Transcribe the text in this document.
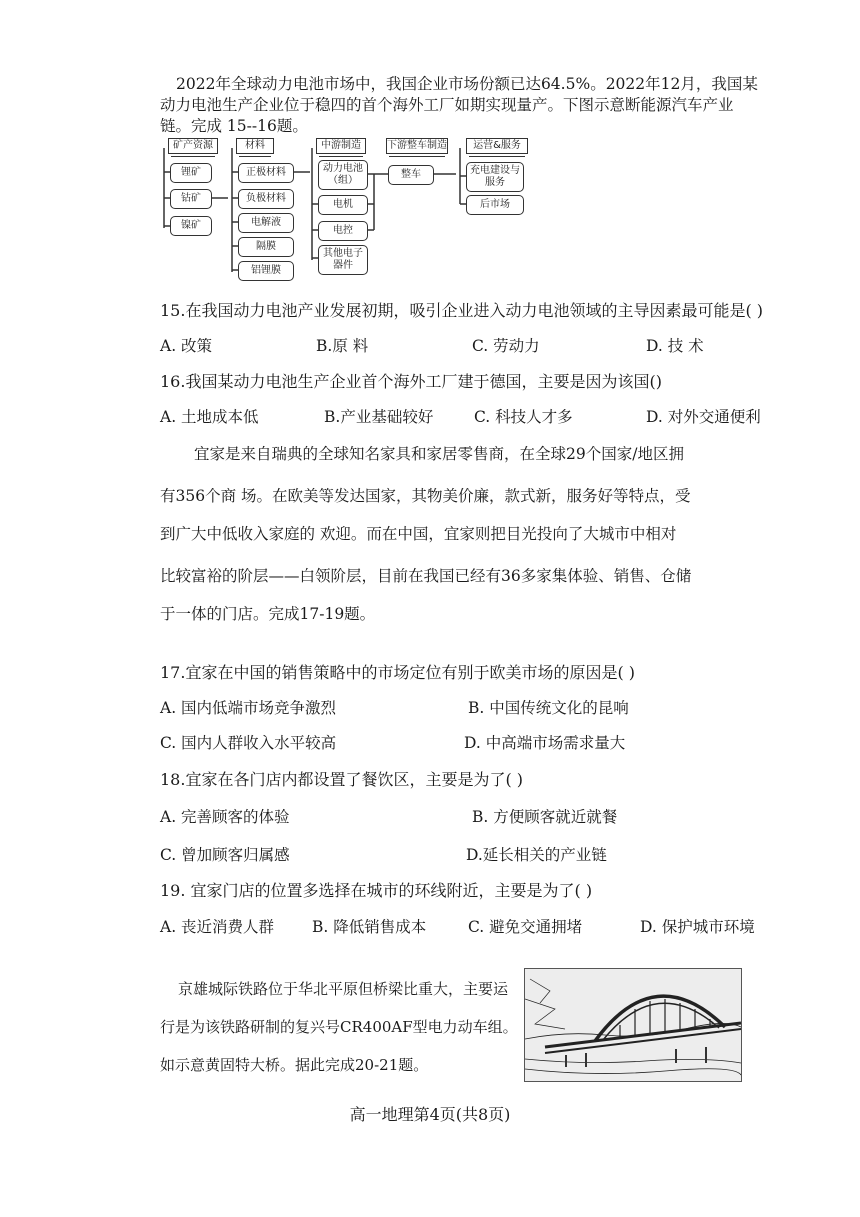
2022年全球动力电池市场中，我国企业市场份额已达64.5%。2022年12月，我国某
动力电池生产企业位于稳四的首个海外工厂如期实现量产。下图示意断能源汽车产业
链。完成 15--16题。
矿产资源	材料	中游制造	下游整车制造	运营&服务
锂矿
钴矿
镍矿
正极材料
负极材料
电解液
隔膜
铝锂膜
动力电池（组）
电机
电控
其他电子器件
整车	充电建设与服务
后市场
15.在我国动力电池产业发展初期，吸引企业进入动力电池领域的主导因素最可能是( )
A. 改策	B.原 料	C. 劳动力	D. 技 术
16.我国某动力电池生产企业首个海外工厂建于德国，主要是因为该国()
A. 土地成本低	B.产业基础较好	C. 科技人才多	D. 对外交通便利
宜家是来自瑞典的全球知名家具和家居零售商，在全球29个国家/地区拥
有356个商 场。在欧美等发达国家，其物美价廉，款式新，服务好等特点，受
到广大中低收入家庭的 欢迎。而在中国，宜家则把目光投向了大城市中相对
比较富裕的阶层——白领阶层，目前在我国已经有36多家集体验、销售、仓储
于一体的门店。完成17-19题。
17.宜家在中国的销售策略中的市场定位有别于欧美市场的原因是( )
A. 国内低端市场竞争激烈	B. 中国传统文化的昆响
C. 国内人群收入水平较高	D. 中高端市场需求量大
18.宜家在各门店内都设置了餐饮区，主要是为了( )
A. 完善顾客的体验	B. 方便顾客就近就餐
C. 曾加顾客归属感	D.延长相关的产业链
19. 宜家门店的位置多选择在城市的环线附近，主要是为了( )
A. 丧近消费人群 B. 降低销售成本	C. 避免交通拥堵	D. 保护城市环境
京雄城际铁路位于华北平原但桥梁比重大，主要运
行是为该铁路研制的复兴号CR400AF型电力动车组。
如示意黄固特大桥。据此完成20-21题。
高一地理第4页(共8页)
